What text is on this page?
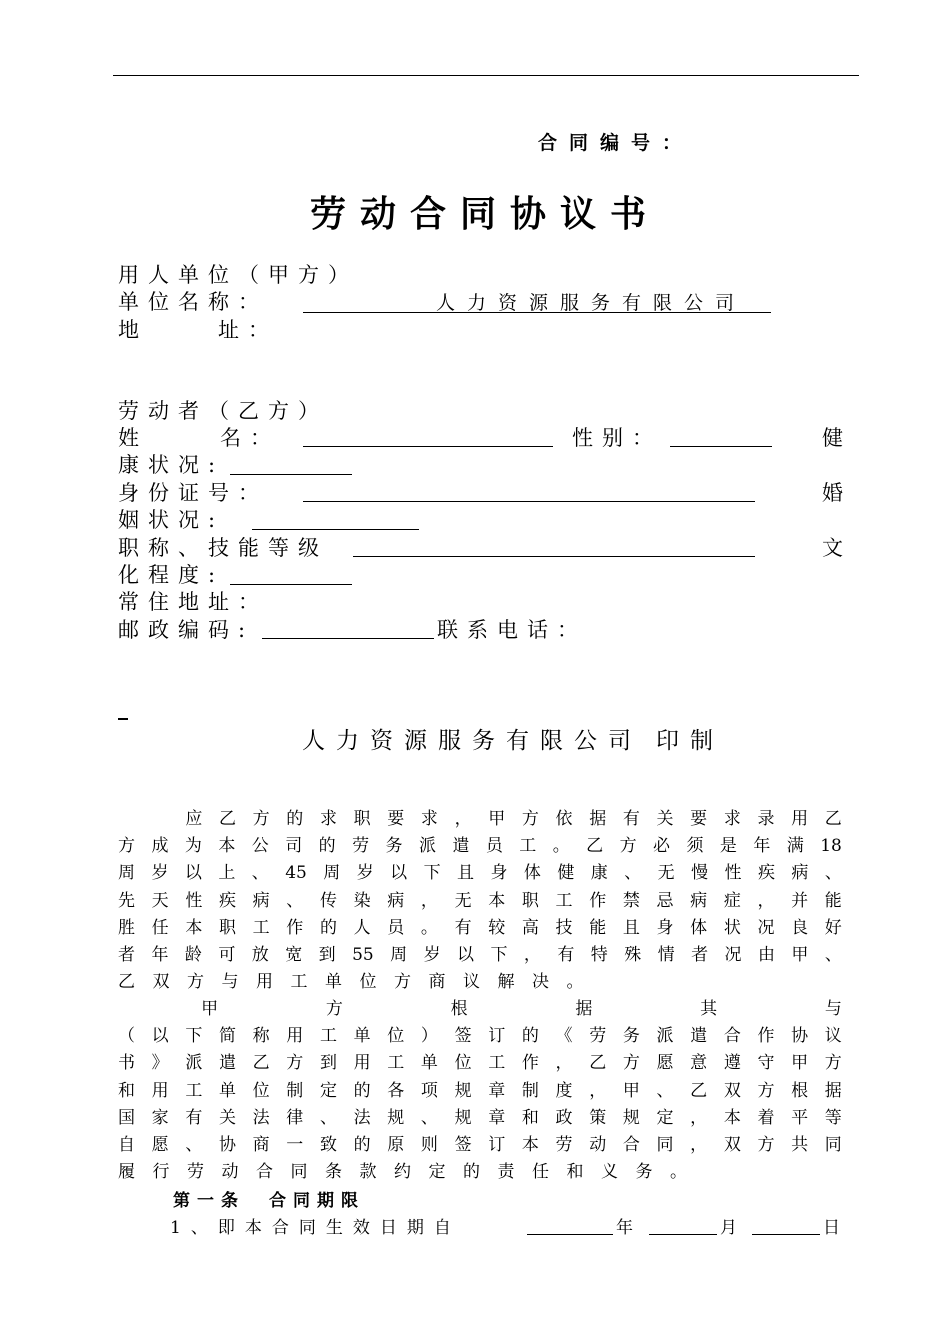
合同编号：
劳动合同协议书
用人单位（甲方）
单位名称：	人力资源服务有限公司
地	址：
劳动者（乙方）
姓	名：	性别：	健
康状况:
身份证号：	婚
姻状况:
职称、技能等级	文
化程度:
常住地址：
邮政编码:	联系电话：
人力资源服务有限公司 印制

应 乙 方 的 求 职 要 求 ， 甲 方 依 据 有 关 要 求 录 用 乙
方 成 为 本 公 司 的 劳 务 派 遣 员 工 。 乙 方 必 须 是 年 满 18
周 岁 以 上 、 45 周 岁 以 下 且 身 体 健 康 、 无 慢 性 疾 病 、
先 天 性 疾 病 、 传 染 病 ， 无 本 职 工 作 禁 忌 病 症 ， 并 能
胜 任 本 职 工 作 的 人 员 。 有 较 高 技 能 且 身 体 状 况 良 好
者 年 龄 可 放 宽 到 55 周 岁 以 下 ， 有 特 殊 情 者 况 由 甲 、
乙 双 方 与 用 工 单 位 方 商 议 解 决 。

甲

　	方

　	根

　	据

　	其

　	与
（ 以 下 简 称 用 工 单 位 ） 签 订 的 《 劳 务 派 遣 合 作 协 议
书 》 派 遣 乙 方 到 用 工 单 位 工 作 ， 乙 方 愿 意 遵 守 甲 方
和 用 工 单 位 制 定 的 各 项 规 章 制 度 ， 甲 、 乙 双 方 根 据
国 家 有 关 法 律 、 法 规 、 规 章 和 政 策 规 定 ， 本 着 平 等
自 愿 、 协 商 一 致 的 原 则 签 订 本 劳 动 合 同 ， 双 方 共 同
履 行 劳 动 合 同 条 款 约 定 的 责 任 和 义 务 。
第一条　合同期限
1、即本合同生效日期自	年	月	日
